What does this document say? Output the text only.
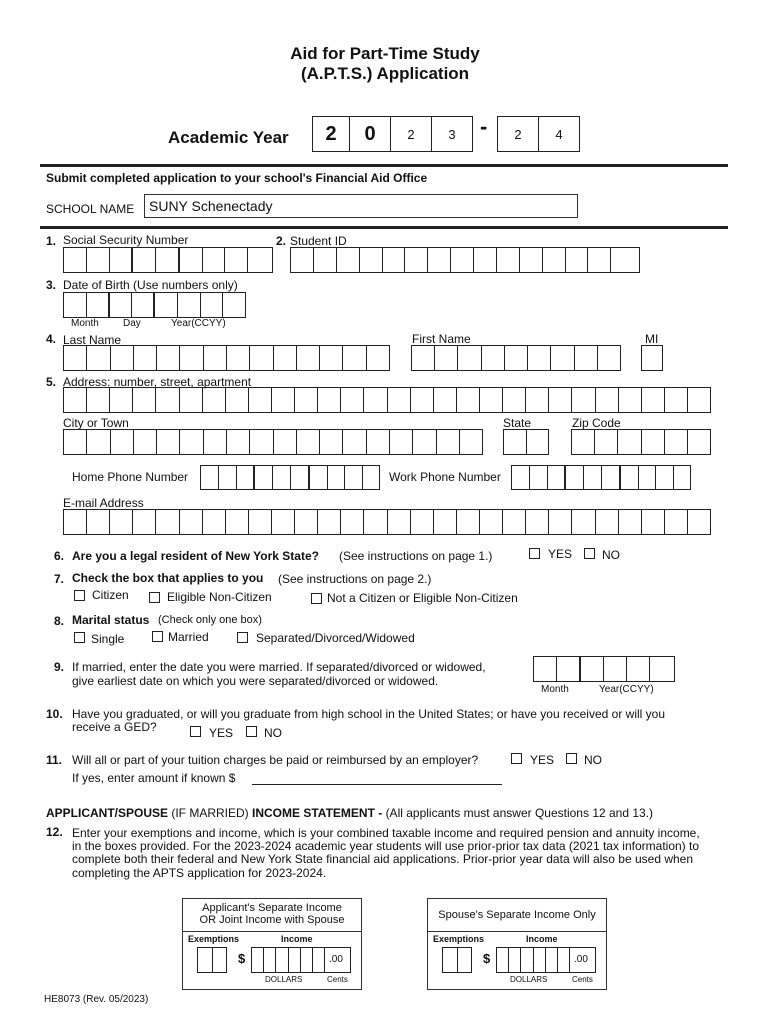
Aid for Part-Time Study
(A.P.T.S.) Application
Academic Year 2 0 2	3 - 2	4
Submit completed application to your school's Financial Aid Office
SCHOOL NAME SUNY Schenectady
1. Social Security Number	2. Student ID
3. Date of Birth (Use numbers only)
Month Day	Year(CCYY)
4. Last Name	First Name	MI
5. Address: number, street, apartment
City or Town	State	Zip Code
Home Phone Number	Work Phone Number
E-mail Address
6. Are you a legal resident of New York State? (See instructions on page 1.)	YES NO
7. Check the box that applies to you (See instructions on page 2.)
Citizen	Eligible Non-Citizen	Not a Citizen or Eligible Non-Citizen
8. Marital status (Check only one box)
Single	Married	Separated/Divorced/Widowed
9. If married, enter the date you were married. If separated/divorced or widowed,
give earliest date on which you were separated/divorced or widowed.
Month	Year(CCYY)
10. Have you graduated, or will you graduate from high school in the United States; or have you received or will you
receive a GED?	YES	NO
11. Will all or part of your tuition charges be paid or reimbursed by an employer?	YES NO
If yes, enter amount if known $
APPLICANT/SPOUSE (IF MARRIED) INCOME STATEMENT - (All applicants must answer Questions 12 and 13.)
12. Enter your exemptions and income, which is your combined taxable income and required pension and annuity income,
in the boxes provided. For the 2023-2024 academic year students will use prior-prior tax data (2021 tax information) to
complete both their federal and New York State financial aid applications. Prior-prior year data will also be used when
completing the APTS application for 2023-2024.
Applicant's Separate Income
OR Joint Income with Spouse
Exemptions	Income
$	,	.00
DOLLARS	Cents
Spouse's Separate Income Only
Exemptions	Income
$	,	.00
DOLLARS	Cents
HE8073 (Rev. 05/2023)
